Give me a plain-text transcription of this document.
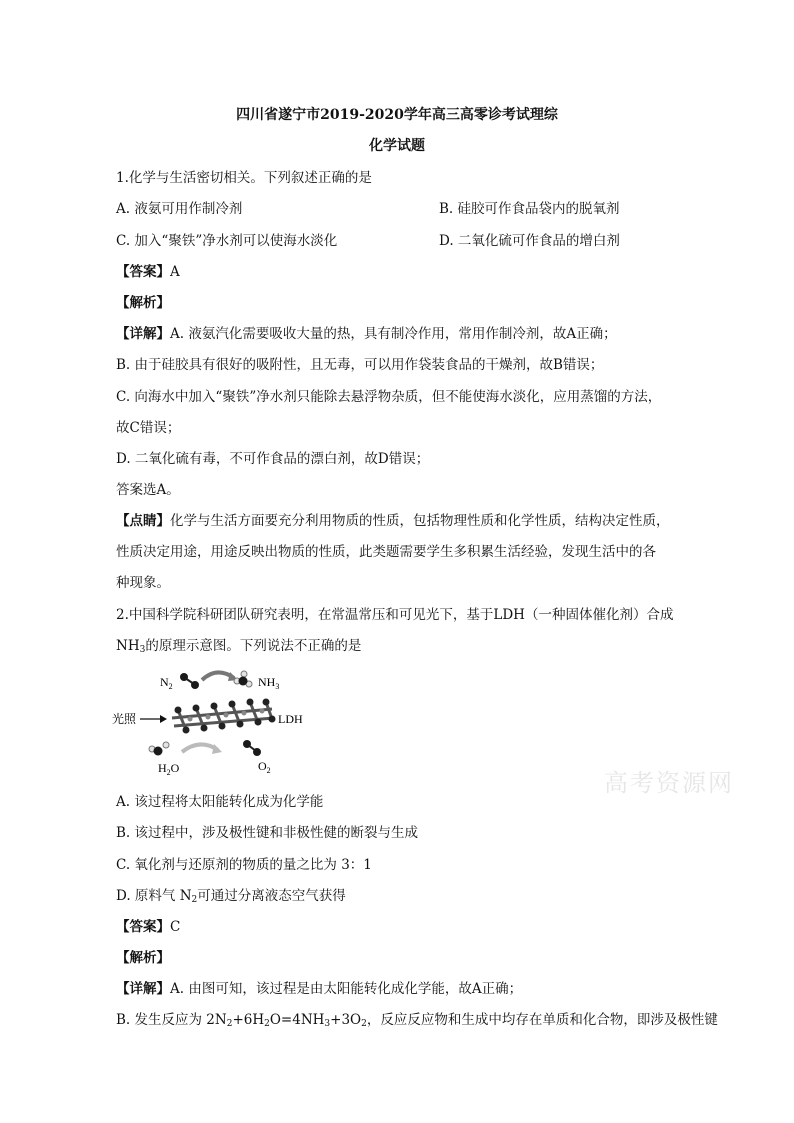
四川省遂宁市2019-2020学年高三高零诊考试理综
化学试题
1.化学与生活密切相关。下列叙述正确的是
A. 液氨可用作制冷剂	B. 硅胶可作食品袋内的脱氧剂
C. 加入“聚铁”净水剂可以使海水淡化	D. 二氧化硫可作食品的增白剂
【答案】A
【解析】
【详解】A. 液氨汽化需要吸收大量的热，具有制冷作用，常用作制冷剂，故A正确；
B. 由于硅胶具有很好的吸附性，且无毒，可以用作袋装食品的干燥剂，故B错误；
C. 向海水中加入“聚铁”净水剂只能除去悬浮物杂质，但不能使海水淡化，应用蒸馏的方法，
故C错误；
D. 二氧化硫有毒，不可作食品的漂白剂，故D错误；
答案选A。
【点睛】化学与生活方面要充分利用物质的性质，包括物理性质和化学性质，结构决定性质，
性质决定用途，用途反映出物质的性质，此类题需要学生多积累生活经验，发现生活中的各
种现象。
2.中国科学院科研团队研究表明，在常温常压和可见光下，基于LDH（一种固体催化剂）合成
$NH_3$的原理示意图。下列说法不正确的是
$N_2$	$NH_3$
光照	LDH
$H_2O$	$O_2$	高考资源网
A. 该过程将太阳能转化成为化学能
B. 该过程中，涉及极性键和非极性健的断裂与生成
C. 氧化剂与还原剂的物质的量之比为 3：1
D. 原料气 $N_2$可通过分离液态空气获得
【答案】C
【解析】
【详解】A. 由图可知，该过程是由太阳能转化成化学能，故A正确；
B. 发生反应为 $2N_2+6H_2O=4NH_3+3O_2$，反应反应物和生成中均存在单质和化合物，即涉及极性键
